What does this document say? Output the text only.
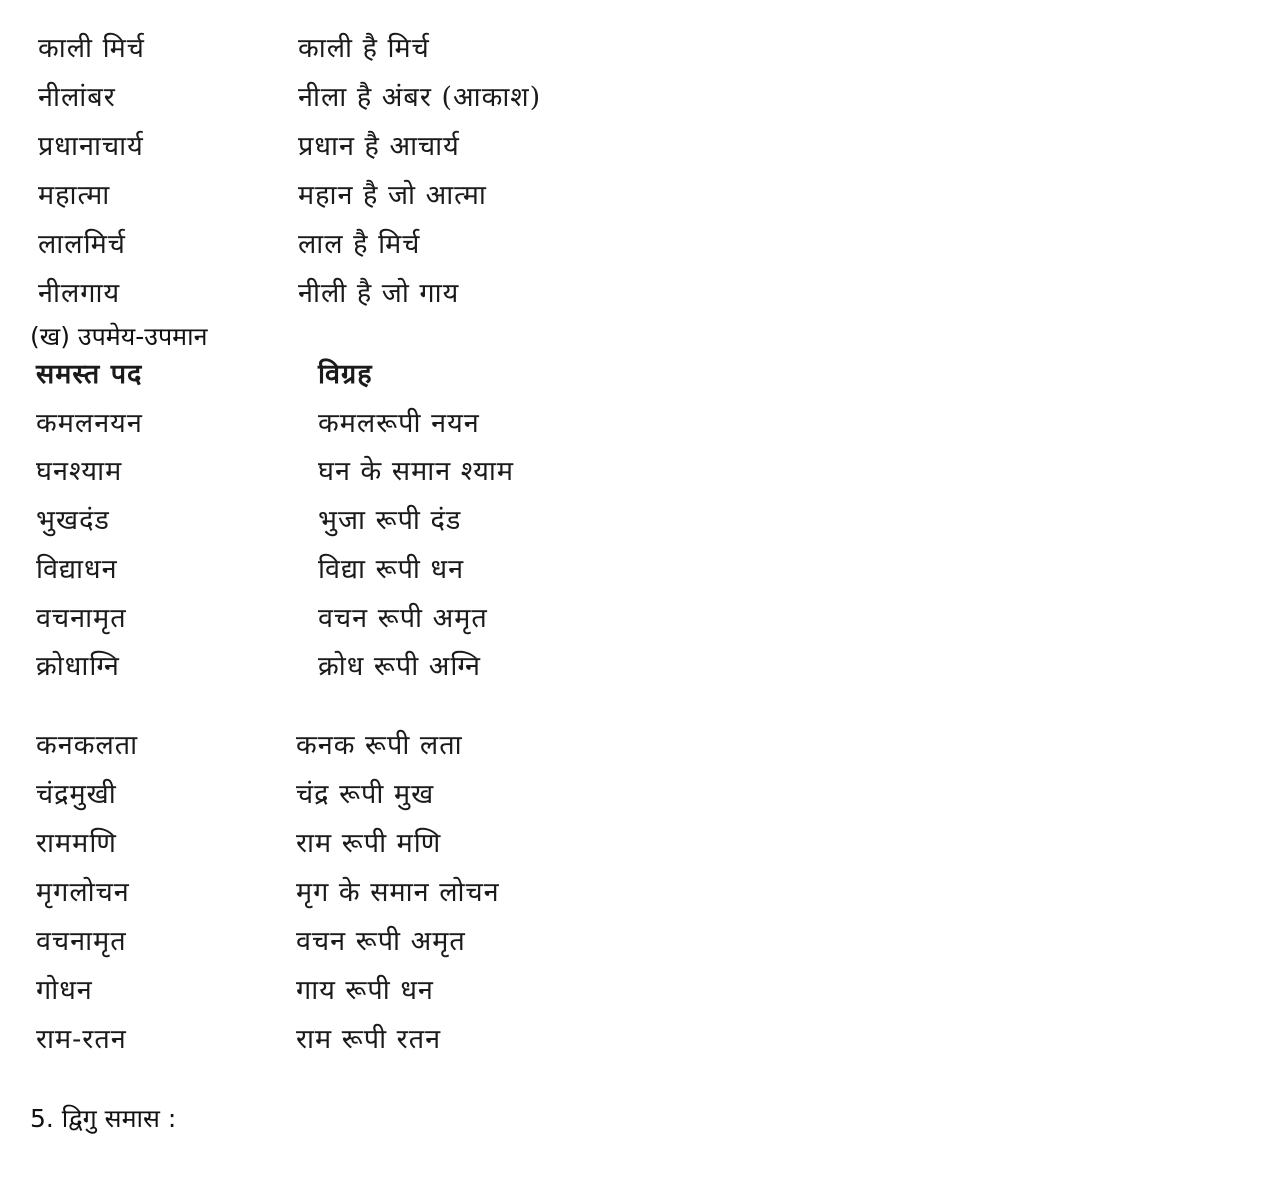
काली मिर्च	काली है मिर्च
नीलांबर	नीला है अंबर (आकाश)
प्रधानाचार्य	प्रधान है आचार्य
महात्मा	महान है जो आत्मा
लालमिर्च	लाल है मिर्च
नीलगाय	नीली है जो गाय
(ख) उपमेय-उपमान
समस्त पद	विग्रह
कमलनयन	कमलरूपी नयन
घनश्याम	घन के समान श्याम
भुखदंड	भुजा रूपी दंड
विद्याधन	विद्या रूपी धन
वचनामृत	वचन रूपी अमृत
क्रोधाग्नि	क्रोध रूपी अग्नि
कनकलता	कनक रूपी लता
चंद्रमुखी	चंद्र रूपी मुख
राममणि	राम रूपी मणि
मृगलोचन	मृग के समान लोचन
वचनामृत	वचन रूपी अमृत
गोधन	गाय रूपी धन
राम-रतन	राम रूपी रतन
5. द्विगु समास :
